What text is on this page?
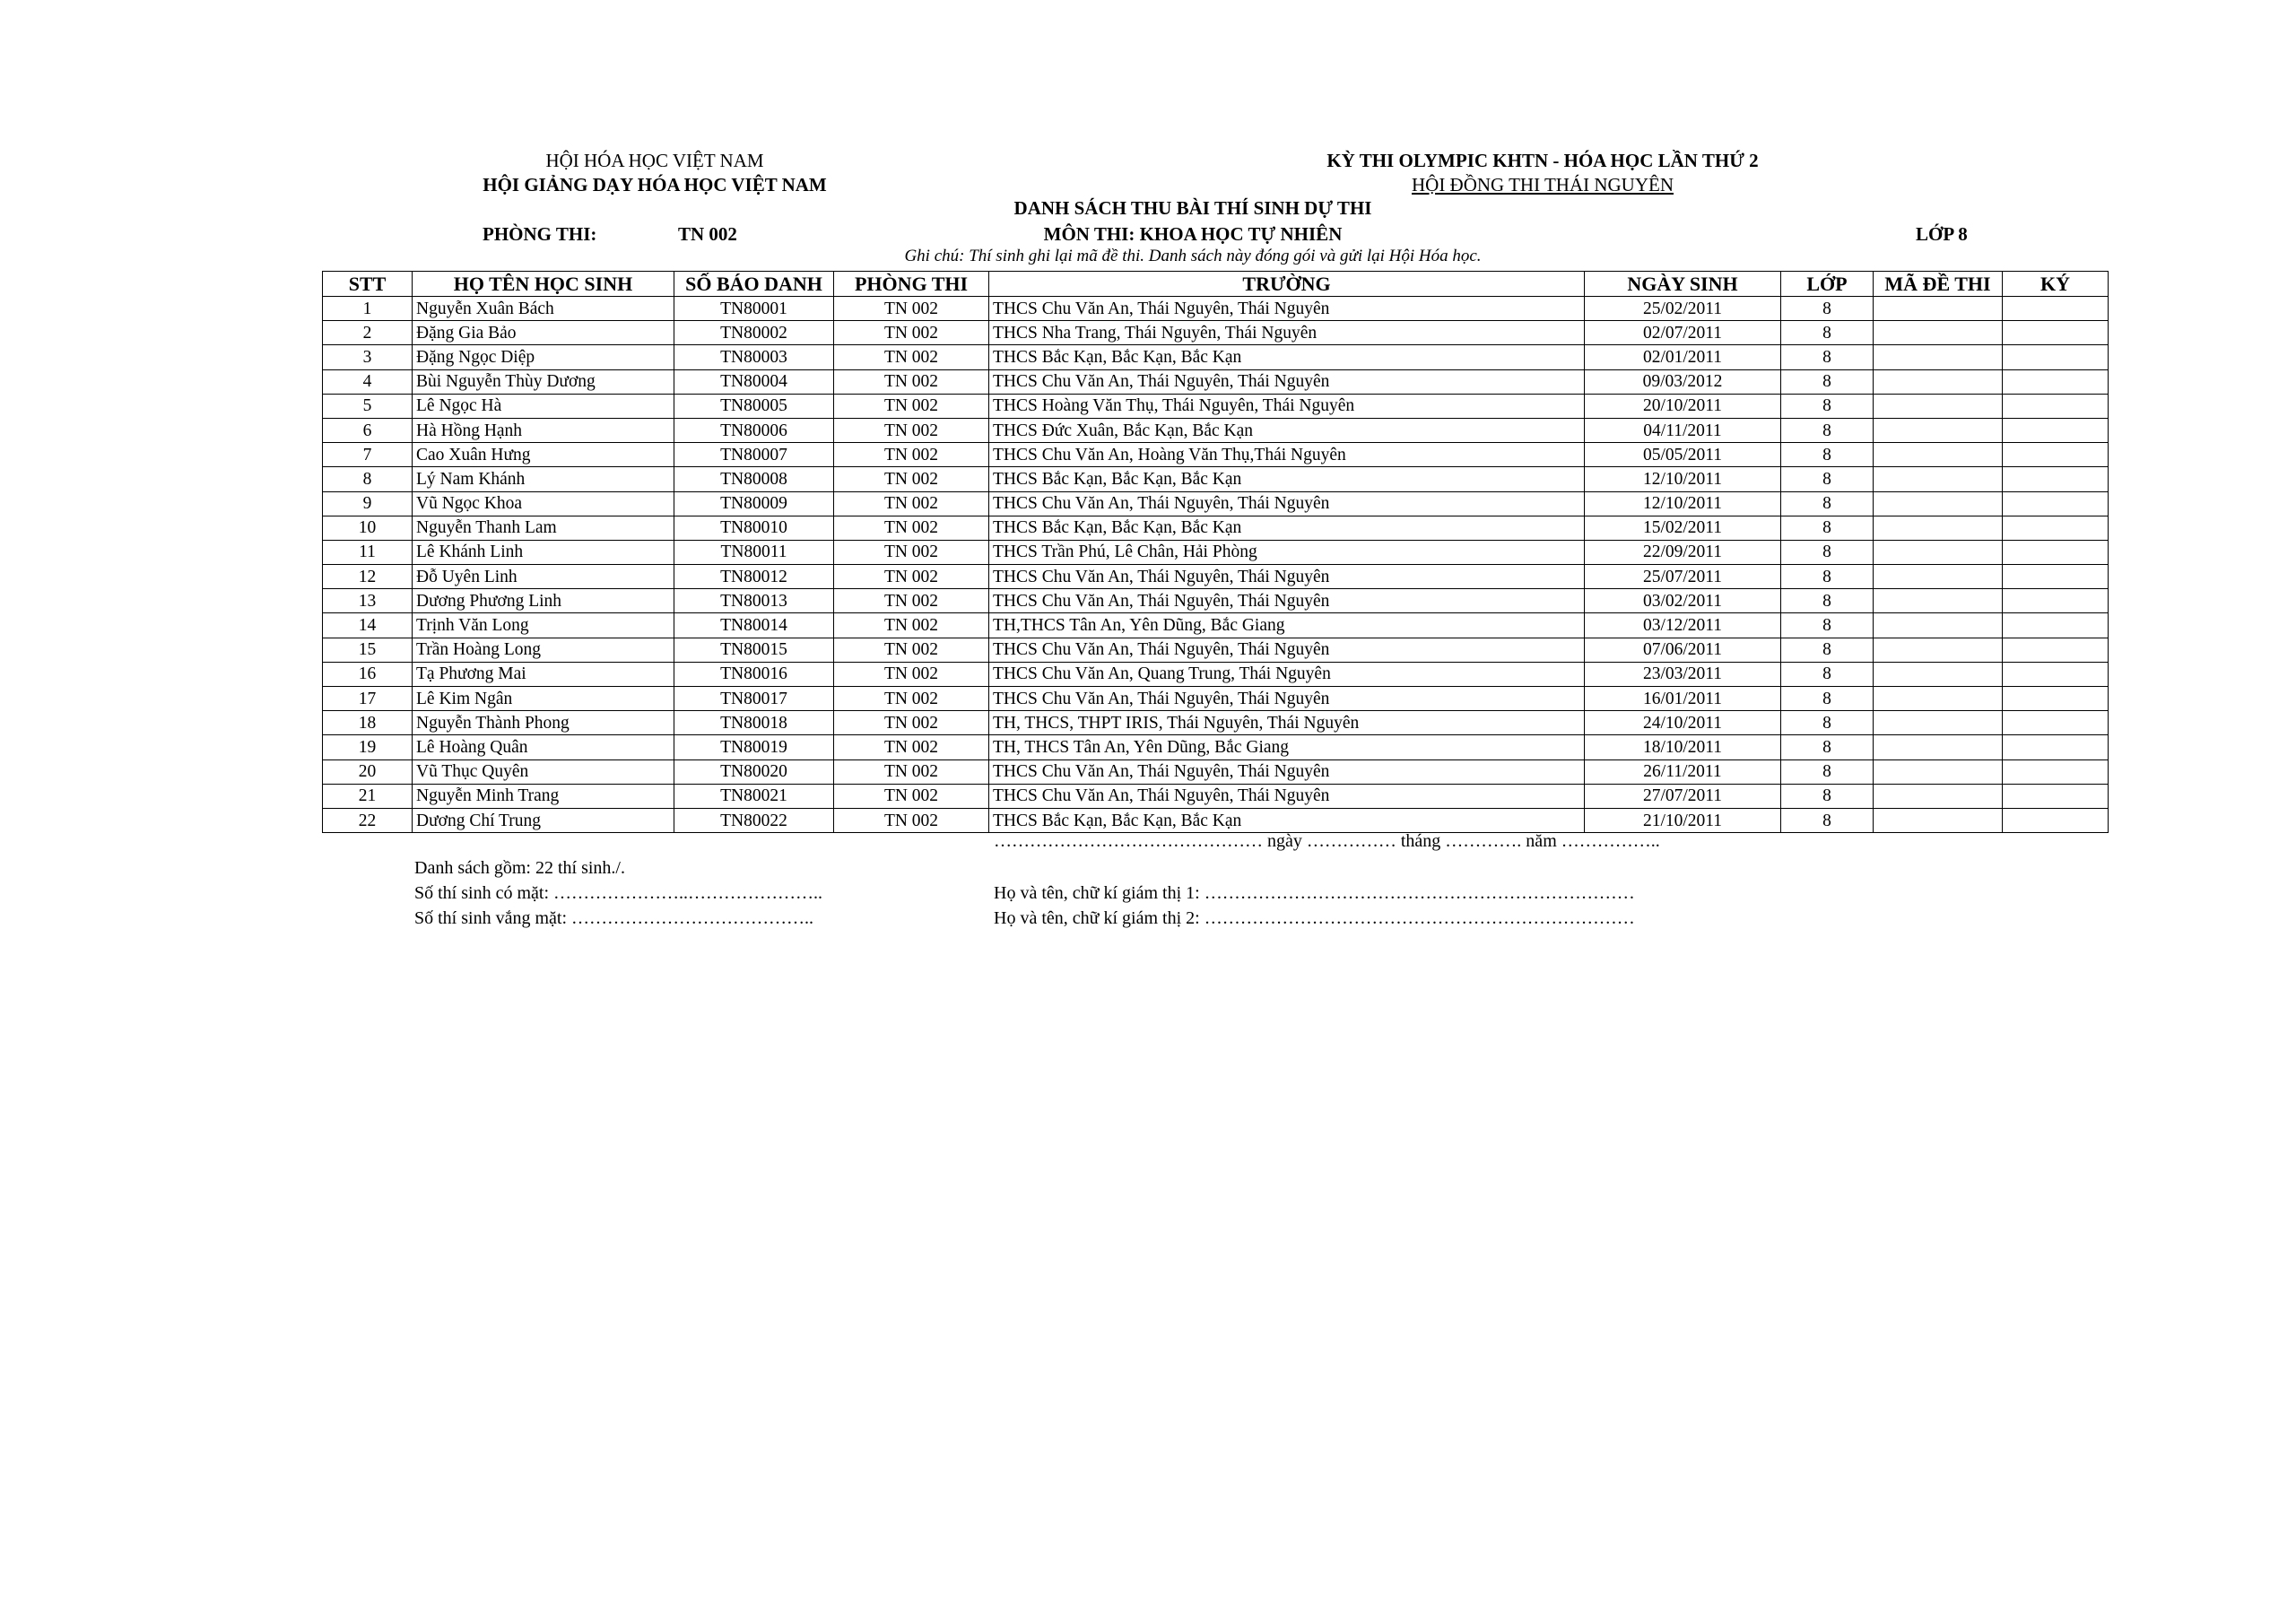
HỘI HÓA HỌC VIỆT NAM
HỘI GIẢNG DẠY HÓA HỌC VIỆT NAM
KỲ THI OLYMPIC KHTN - HÓA HỌC LẦN THỨ 2
HỘI ĐỒNG THI THÁI NGUYÊN
DANH SÁCH THU BÀI THÍ SINH DỰ THI
PHÒNG THI:	TN 002	MÔN THI: KHOA HỌC TỰ NHIÊN	LỚP 8
Ghi chú: Thí sinh ghi lại mã đề thi. Danh sách này đóng gói và gửi lại Hội Hóa học.
STT	HỌ TÊN HỌC SINH	SỐ BÁO DANH	PHÒNG THI	TRƯỜNG	NGÀY SINH	LỚP	MÃ ĐỀ THI	KÝ
1	Nguyễn Xuân Bách	TN80001	TN 002	THCS Chu Văn An, Thái Nguyên, Thái Nguyên	25/02/2011	8		
2	Đặng Gia Bảo	TN80002	TN 002	THCS Nha Trang, Thái Nguyên, Thái Nguyên	02/07/2011	8		
3	Đặng Ngọc Diệp	TN80003	TN 002	THCS Bắc Kạn, Bắc Kạn, Bắc Kạn	02/01/2011	8		
4	Bùi Nguyễn Thùy Dương	TN80004	TN 002	THCS Chu Văn An, Thái Nguyên, Thái Nguyên	09/03/2012	8		
5	Lê Ngọc Hà	TN80005	TN 002	THCS Hoàng Văn Thụ, Thái Nguyên, Thái Nguyên	20/10/2011	8		
6	Hà Hồng Hạnh	TN80006	TN 002	THCS Đức Xuân, Bắc Kạn, Bắc Kạn	04/11/2011	8		
7	Cao Xuân Hưng	TN80007	TN 002	THCS Chu Văn An, Hoàng Văn Thụ,Thái Nguyên	05/05/2011	8		
8	Lý Nam Khánh	TN80008	TN 002	THCS Bắc Kạn, Bắc Kạn, Bắc Kạn	12/10/2011	8		
9	Vũ Ngọc Khoa	TN80009	TN 002	THCS Chu Văn An, Thái Nguyên, Thái Nguyên	12/10/2011	8		
10	Nguyễn Thanh Lam	TN80010	TN 002	THCS Bắc Kạn, Bắc Kạn, Bắc Kạn	15/02/2011	8		
11	Lê Khánh Linh	TN80011	TN 002	THCS Trần Phú, Lê Chân, Hải Phòng	22/09/2011	8		
12	Đỗ Uyên Linh	TN80012	TN 002	THCS Chu Văn An, Thái Nguyên, Thái Nguyên	25/07/2011	8		
13	Dương Phương Linh	TN80013	TN 002	THCS Chu Văn An, Thái Nguyên, Thái Nguyên	03/02/2011	8		
14	Trịnh Văn Long	TN80014	TN 002	TH,THCS Tân An, Yên Dũng, Bắc Giang	03/12/2011	8		
15	Trần Hoàng Long	TN80015	TN 002	THCS Chu Văn An, Thái Nguyên, Thái Nguyên	07/06/2011	8		
16	Tạ Phương Mai	TN80016	TN 002	THCS Chu Văn An, Quang Trung, Thái Nguyên	23/03/2011	8		
17	Lê Kim Ngân	TN80017	TN 002	THCS Chu Văn An, Thái Nguyên, Thái Nguyên	16/01/2011	8		
18	Nguyễn Thành Phong	TN80018	TN 002	TH, THCS, THPT IRIS, Thái Nguyên, Thái Nguyên	24/10/2011	8		
19	Lê Hoàng Quân	TN80019	TN 002	TH, THCS Tân An, Yên Dũng, Bắc Giang	18/10/2011	8		
20	Vũ Thục Quyên	TN80020	TN 002	THCS Chu Văn An, Thái Nguyên, Thái Nguyên	26/11/2011	8		
21	Nguyễn Minh Trang	TN80021	TN 002	THCS Chu Văn An, Thái Nguyên, Thái Nguyên	27/07/2011	8		
22	Dương Chí Trung	TN80022	TN 002	THCS Bắc Kạn, Bắc Kạn, Bắc Kạn	21/10/2011	8		
……………………………………… ngày …………… tháng …………. năm ……………..
Danh sách gồm: 22 thí sinh./.
Số thí sinh có mặt: …………………..…………………..
Số thí sinh vắng mặt: …………………………………..
Họ và tên, chữ kí giám thị 1: ………………………………………………………………
Họ và tên, chữ kí giám thị 2: ………………………………………………………………
